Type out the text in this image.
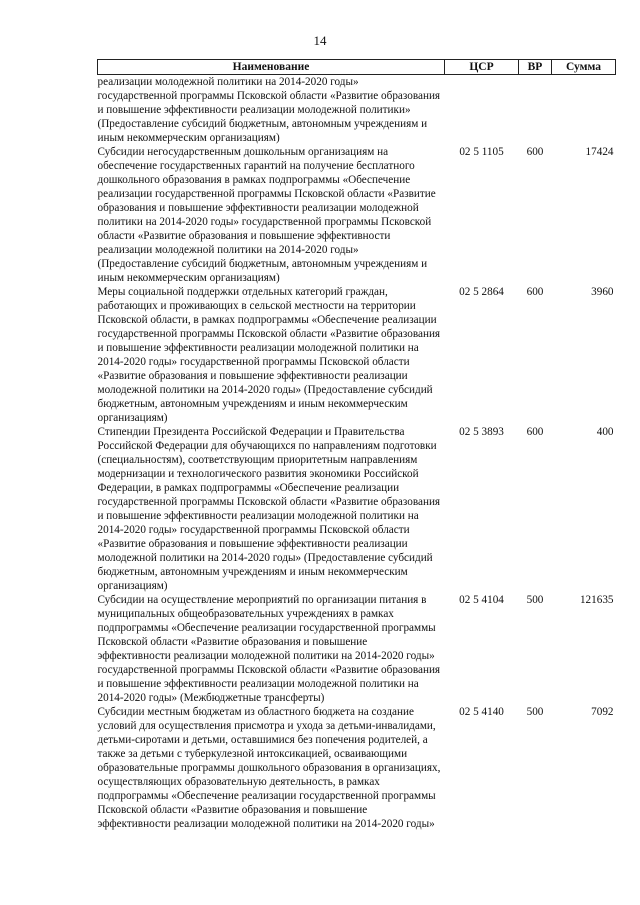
14
Наименование	ЦСР	ВР	Сумма
реализации молодежной политики на 2014-2020 годы» государственной программы Псковской области «Развитие образования и повышение эффективности реализации молодежной политики» (Предоставление субсидий бюджетным, автономным учреждениям и иным некоммерческим организациям)			
Субсидии негосударственным дошкольным организациям на обеспечение государственных гарантий на получение бесплатного дошкольного образования в рамках подпрограммы «Обеспечение реализации государственной программы Псковской области «Развитие образования и повышение эффективности реализации молодежной политики на 2014-2020 годы» государственной программы Псковской области «Развитие образования и повышение эффективности реализации молодежной политики на 2014-2020 годы» (Предоставление субсидий бюджетным, автономным учреждениям и иным некоммерческим организациям)	02 5 1105	600	17424
Меры социальной поддержки отдельных категорий граждан, работающих и проживающих в сельской местности на территории Псковской области, в рамках подпрограммы «Обеспечение реализации государственной программы Псковской области «Развитие образования и повышение эффективности реализации молодежной политики на 2014-2020 годы» государственной программы Псковской области «Развитие образования и повышение эффективности реализации молодежной политики на 2014-2020 годы» (Предоставление субсидий бюджетным, автономным учреждениям и иным некоммерческим организациям)	02 5 2864	600	3960
Стипендии Президента Российской Федерации и Правительства Российской Федерации для обучающихся по направлениям подготовки (специальностям), соответствующим приоритетным направлениям модернизации и технологического развития экономики Российской Федерации, в рамках подпрограммы «Обеспечение реализации государственной программы Псковской области «Развитие образования и повышение эффективности реализации молодежной политики на 2014-2020 годы» государственной программы Псковской области «Развитие образования и повышение эффективности реализации молодежной политики на 2014-2020 годы» (Предоставление субсидий бюджетным, автономным учреждениям и иным некоммерческим организациям)	02 5 3893	600	400
Субсидии на осуществление мероприятий по организации питания в муниципальных общеобразовательных учреждениях в рамках подпрограммы «Обеспечение реализации государственной программы Псковской области «Развитие образования и повышение эффективности реализации молодежной политики на 2014-2020 годы» государственной программы Псковской области «Развитие образования и повышение эффективности реализации молодежной политики на 2014-2020 годы» (Межбюджетные трансферты)	02 5 4104	500	121635
Субсидии местным бюджетам из областного бюджета на создание условий для осуществления присмотра и ухода за детьми-инвалидами, детьми-сиротами и детьми, оставшимися без попечения родителей, а также за детьми с туберкулезной интоксикацией, осваивающими образовательные программы дошкольного образования в организациях, осуществляющих образовательную деятельность, в рамках подпрограммы «Обеспечение реализации государственной программы Псковской области «Развитие образования и повышение эффективности реализации молодежной политики на 2014-2020 годы»	02 5 4140	500	7092
